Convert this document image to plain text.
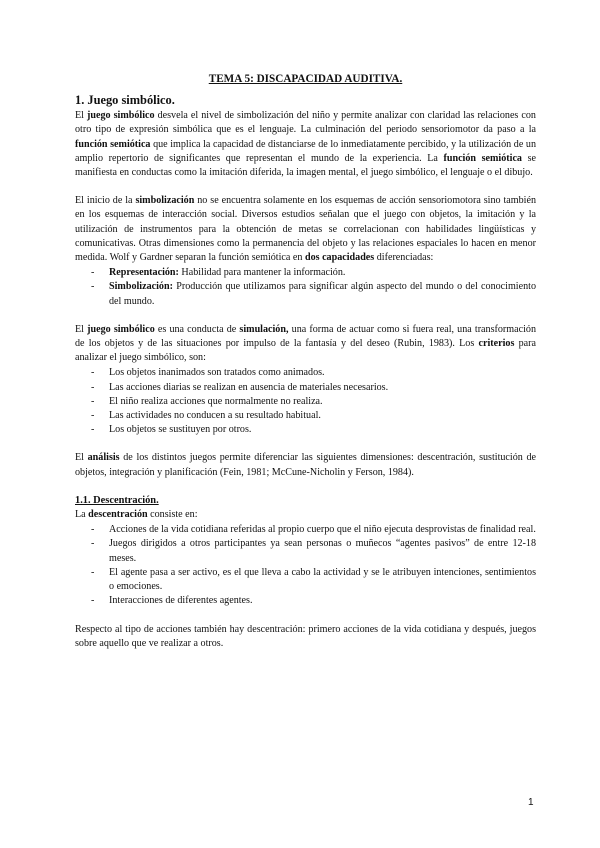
TEMA 5: DISCAPACIDAD AUDITIVA.
1. Juego simbólico.

El juego simbólico desvela el nivel de simbolización del niño y permite analizar con claridad las relaciones con otro tipo de expresión simbólica que es el lenguaje. La culminación del periodo sensoriomotor da paso a la función semiótica que implica la capacidad de distanciarse de lo inmediatamente percibido, y la utilización de un amplio repertorio de significantes que representan el mundo de la experiencia. La función semiótica se manifiesta en conductas como la imitación diferida, la imagen mental, el juego simbólico, el lenguaje o el dibujo.

El inicio de la simbolización no se encuentra solamente en los esquemas de acción sensoriomotora sino también en los esquemas de interacción social. Diversos estudios señalan que el juego con objetos, la imitación y la utilización de instrumentos para la obtención de metas se correlacionan con habilidades lingüísticas y comunicativas. Otras dimensiones como la permanencia del objeto y las relaciones espaciales lo hacen en menor medida. Wolf y Gardner separan la función semiótica en dos capacidades diferenciadas:

- Representación: Habilidad para mantener la información.
- Simbolización: Producción que utilizamos para significar algún aspecto del mundo o del conocimiento del mundo.

El juego simbólico es una conducta de simulación, una forma de actuar como si fuera real, una transformación de los objetos y de las situaciones por impulso de la fantasía y del deseo (Rubin, 1983). Los criterios para analizar el juego simbólico, son:

- Los objetos inanimados son tratados como animados.
- Las acciones diarias se realizan en ausencia de materiales necesarios.
- El niño realiza acciones que normalmente no realiza.
- Las actividades no conducen a su resultado habitual.
- Los objetos se sustituyen por otros.

El análisis de los distintos juegos permite diferenciar las siguientes dimensiones: descentración, sustitución de objetos, integración y planificación (Fein, 1981; McCune-Nicholin y Ferson, 1984).

1.1. Descentración.

La descentración consiste en:

- Acciones de la vida cotidiana referidas al propio cuerpo que el niño ejecuta desprovistas de finalidad real.
- Juegos dirigidos a otros participantes ya sean personas o muñecos “agentes pasivos” de entre 12-18 meses.
- El agente pasa a ser activo, es el que lleva a cabo la actividad y se le atribuyen intenciones, sentimientos o emociones.
- Interacciones de diferentes agentes.

Respecto al tipo de acciones también hay descentración: primero acciones de la vida cotidiana y después, juegos sobre aquello que ve realizar a otros.

1
